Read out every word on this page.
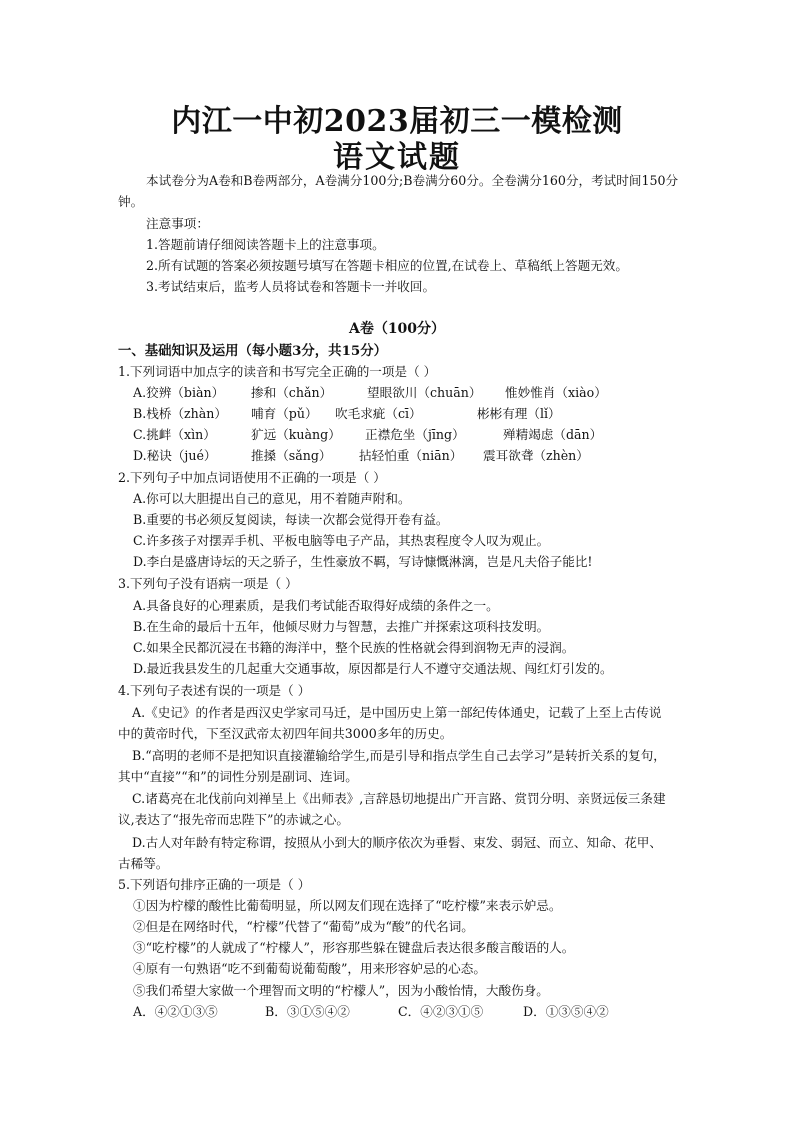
内江一中初2023届初三一模检测
语文试题
本试卷分为A卷和B卷两部分，A卷满分100分;B卷满分60分。全卷满分160分，考试时间150分钟。
注意事项：
1.答题前请仔细阅读答题卡上的注意事项。
2.所有试题的答案必须按题号填写在答题卡相应的位置,在试卷上、草稿纸上答题无效。
3.考试结束后，监考人员将试卷和答题卡一并收回。
A卷（100分）
一、基础知识及运用（每小题3分，共15分）
1.下列词语中加点字的读音和书写完全正确的一项是（ ）
A.狡辨（biàn） 掺和（chǎn）	望眼欲川（chuān） 惟妙惟肖（xiào）
B.栈桥（zhàn） 哺育（pǔ） 吹毛求疵（cī）	彬彬有理（lǐ）
C.挑衅（xìn）	犷远（kuàng） 正襟危坐（jīng）	殚精竭虑（dān）
D.秘诀（jué）	推搡（sǎng） 拈轻怕重（niān） 震耳欲聋（zhèn）
2.下列句子中加点词语使用不正确的一项是（ ）
A.你可以大胆提出自己的意见，用不着随声附和。
B.重要的书必须反复阅读，每读一次都会觉得开卷有益。
C.许多孩子对摆弄手机、平板电脑等电子产品，其热衷程度令人叹为观止。
D.李白是盛唐诗坛的天之骄子，生性豪放不羁，写诗慷慨淋漓，岂是凡夫俗子能比!
3.下列句子没有语病一项是（ ）
A.具备良好的心理素质，是我们考试能否取得好成绩的条件之一。
B.在生命的最后十五年，他倾尽财力与智慧，去推广并探索这项科技发明。
C.如果全民都沉浸在书籍的海洋中，整个民族的性格就会得到润物无声的浸润。
D.最近我县发生的几起重大交通事故，原因都是行人不遵守交通法规、闯红灯引发的。
4.下列句子表述有误的一项是（ ）
A.《史记》的作者是西汉史学家司马迁，是中国历史上第一部纪传体通史，记载了上至上古传说中的黄帝时代，下至汉武帝太初四年间共3000多年的历史。
B.“高明的老师不是把知识直接灌输给学生,而是引导和指点学生自己去学习”是转折关系的复句，其中“直接”“和”的词性分别是副词、连词。
C.诸葛亮在北伐前向刘禅呈上《出师表》,言辞恳切地提出广开言路、赏罚分明、亲贤远佞三条建议,表达了“报先帝而忠陛下”的赤诚之心。
D.古人对年龄有特定称谓，按照从小到大的顺序依次为垂髫、束发、弱冠、而立、知命、花甲、古稀等。
5.下列语句排序正确的一项是（ ）
①因为柠檬的酸性比葡萄明显，所以网友们现在选择了“吃柠檬”来表示妒忌。
②但是在网络时代，“柠檬”代替了“葡萄”成为“酸”的代名词。
③“吃柠檬”的人就成了“柠檬人”，形容那些躲在键盘后表达很多酸言酸语的人。
④原有一句熟语“吃不到葡萄说葡萄酸”，用来形容妒忌的心态。
⑤我们希望大家做一个理智而文明的“柠檬人”，因为小酸怡情，大酸伤身。
A．④②①③⑤	B．③①⑤④②	C．④②③①⑤	D．①③⑤④②
